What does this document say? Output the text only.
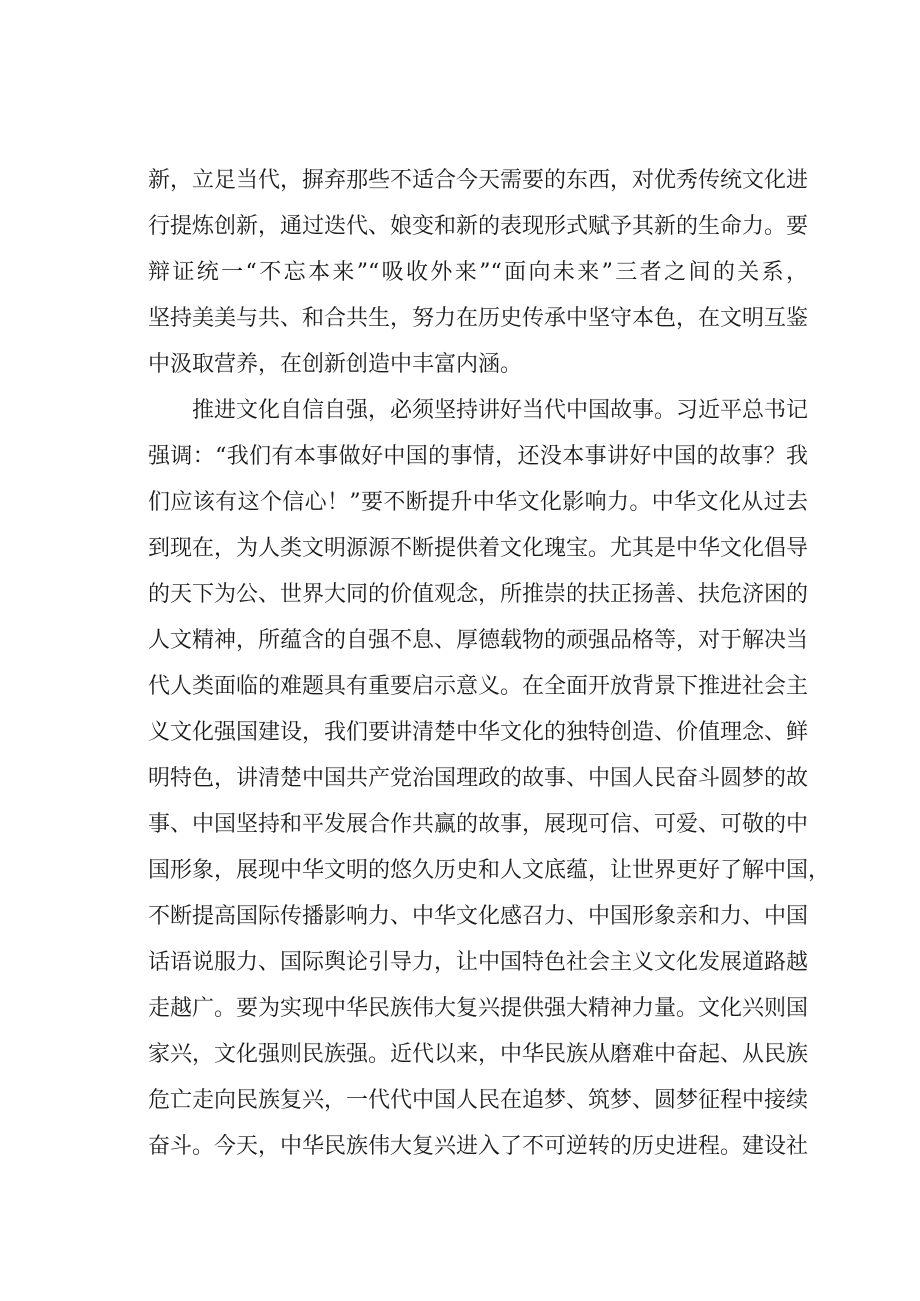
新，立足当代，摒弃那些不适合今天需要的东西，对优秀传统文化进
行提炼创新，通过迭代、娘变和新的表现形式赋予其新的生命力。要
辩证统一“不忘本来”“吸收外来”“面向未来”三者之间的关系，
坚持美美与共、和合共生，努力在历史传承中坚守本色，在文明互鉴
中汲取营养，在创新创造中丰富内涵。
推进文化自信自强，必须坚持讲好当代中国故事。习近平总书记
强调：“我们有本事做好中国的事情，还没本事讲好中国的故事？我
们应该有这个信心！”要不断提升中华文化影响力。中华文化从过去
到现在，为人类文明源源不断提供着文化瑰宝。尤其是中华文化倡导
的天下为公、世界大同的价值观念，所推崇的扶正扬善、扶危济困的
人文精神，所蕴含的自强不息、厚德载物的顽强品格等，对于解决当
代人类面临的难题具有重要启示意义。在全面开放背景下推进社会主
义文化强国建设，我们要讲清楚中华文化的独特创造、价值理念、鲜
明特色，讲清楚中国共产党治国理政的故事、中国人民奋斗圆梦的故
事、中国坚持和平发展合作共赢的故事，展现可信、可爱、可敬的中
国形象，展现中华文明的悠久历史和人文底蕴，让世界更好了解中国，
不断提高国际传播影响力、中华文化感召力、中国形象亲和力、中国
话语说服力、国际舆论引导力，让中国特色社会主义文化发展道路越
走越广。要为实现中华民族伟大复兴提供强大精神力量。文化兴则国
家兴，文化强则民族强。近代以来，中华民族从磨难中奋起、从民族
危亡走向民族复兴，一代代中国人民在追梦、筑梦、圆梦征程中接续
奋斗。今天，中华民族伟大复兴进入了不可逆转的历史进程。建设社
